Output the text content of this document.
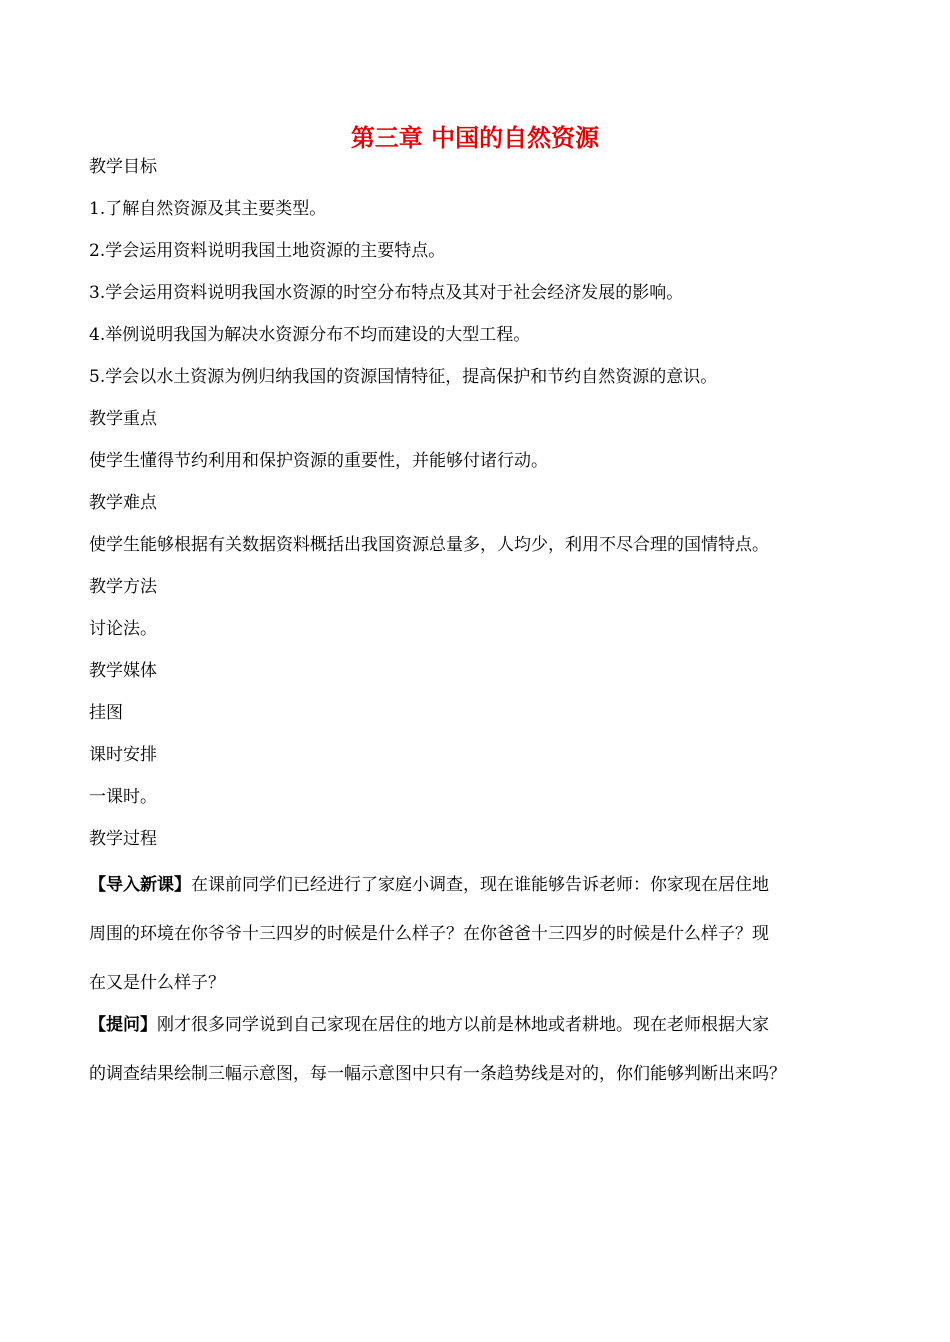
第三章 中国的自然资源

教学目标

1.了解自然资源及其主要类型。

2.学会运用资料说明我国土地资源的主要特点。

3.学会运用资料说明我国水资源的时空分布特点及其对于社会经济发展的影响。

4.举例说明我国为解决水资源分布不均而建设的大型工程。

5.学会以水土资源为例归纳我国的资源国情特征，提高保护和节约自然资源的意识。

教学重点

使学生懂得节约利用和保护资源的重要性，并能够付诸行动。

教学难点

使学生能够根据有关数据资料概括出我国资源总量多，人均少，利用不尽合理的国情特点。

教学方法

讨论法。

教学媒体

挂图

课时安排

一课时。

教学过程

【导入新课】在课前同学们已经进行了家庭小调查，现在谁能够告诉老师：你家现在居住地
周围的环境在你爷爷十三四岁的时候是什么样子？在你爸爸十三四岁的时候是什么样子？现
在又是什么样子？
【提问】刚才很多同学说到自己家现在居住的地方以前是林地或者耕地。现在老师根据大家
的调查结果绘制三幅示意图，每一幅示意图中只有一条趋势线是对的，你们能够判断出来吗？
